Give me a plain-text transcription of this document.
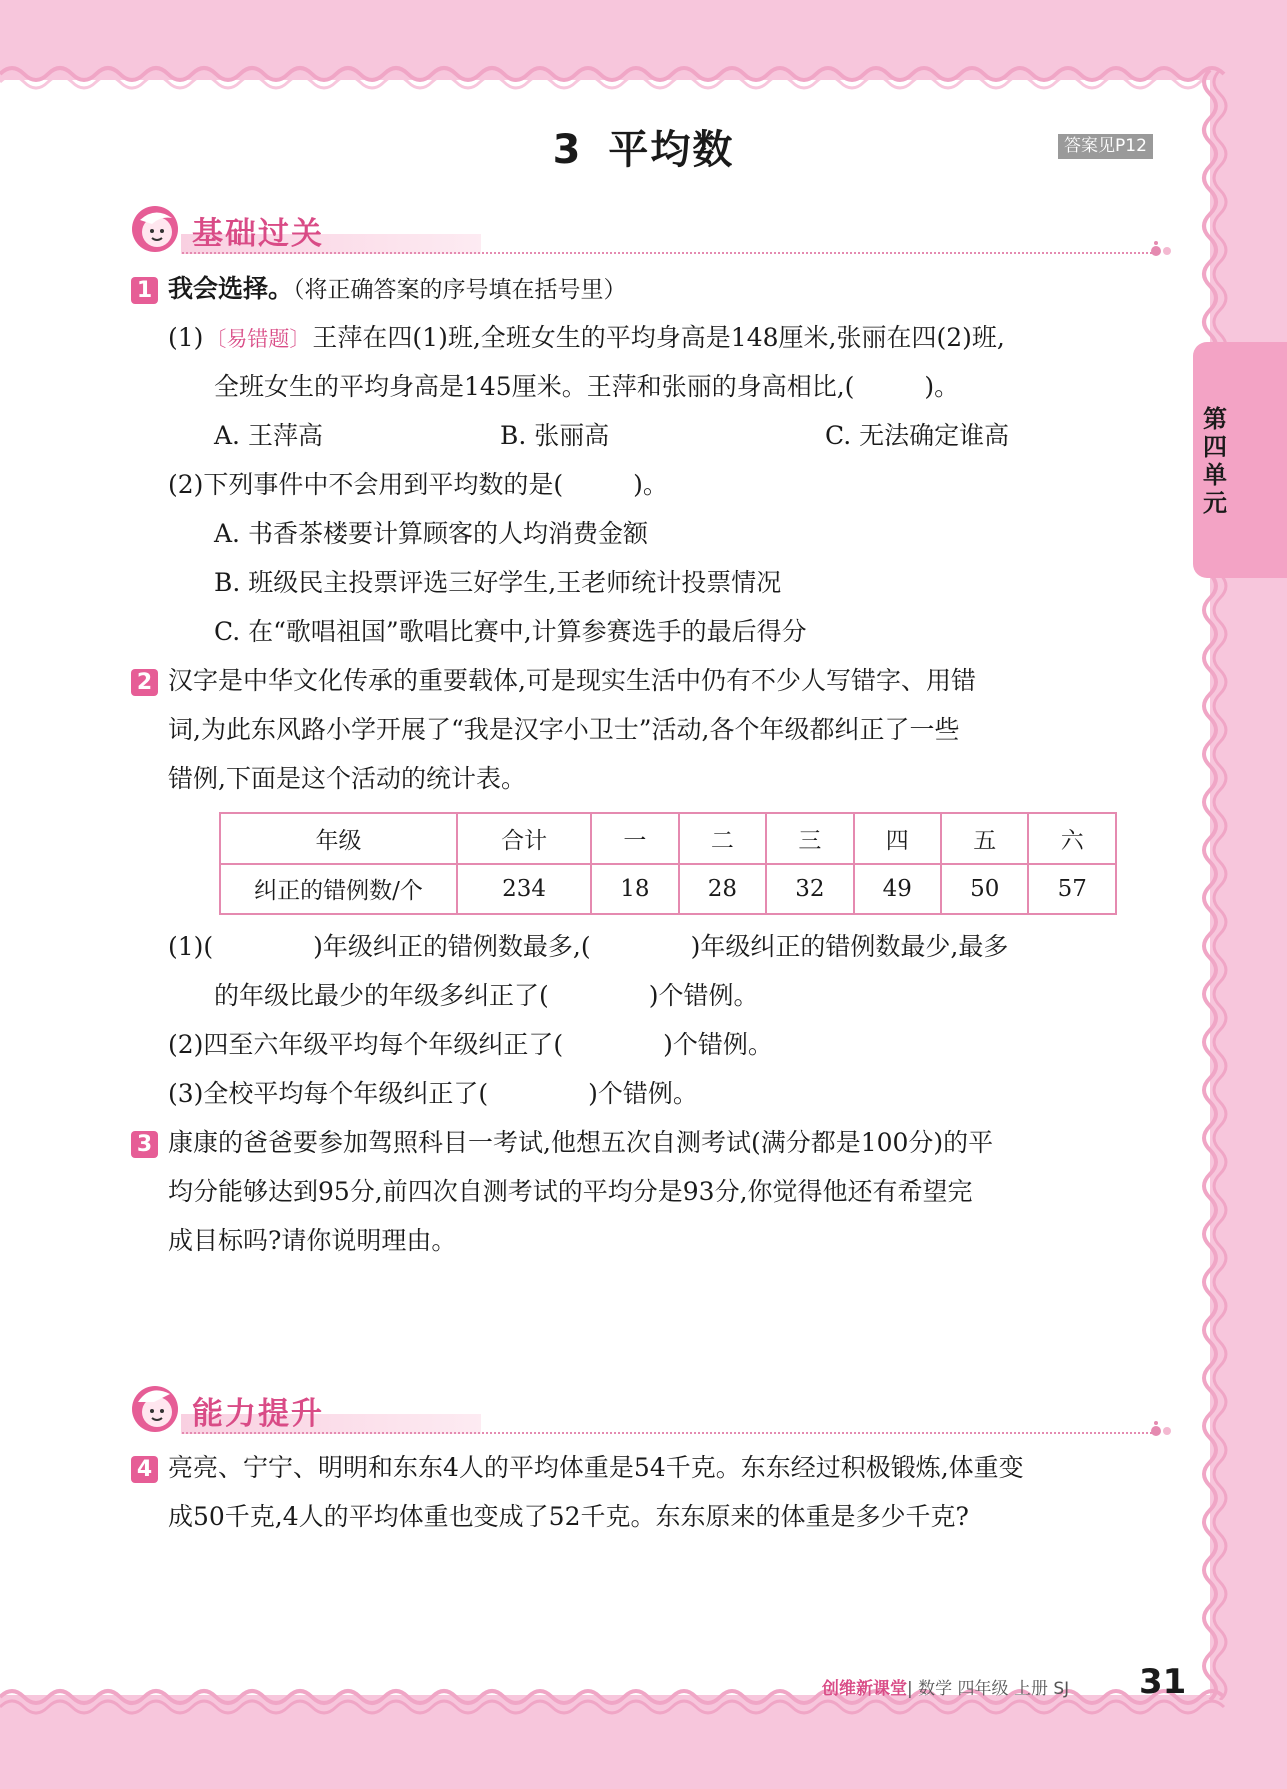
第四单元
3 平均数	答案见P12
基础过关
1 我会选择。（将正确答案的序号填在括号里）
(1)〔易错题〕王萍在四(1)班,全班女生的平均身高是148厘米,张丽在四(2)班,
全班女生的平均身高是145厘米。王萍和张丽的身高相比,(	)。
A. 王萍高	B. 张丽高	C. 无法确定谁高
(2)下列事件中不会用到平均数的是(	)。
A. 书香茶楼要计算顾客的人均消费金额
B. 班级民主投票评选三好学生,王老师统计投票情况
C. 在“歌唱祖国”歌唱比赛中,计算参赛选手的最后得分
2 汉字是中华文化传承的重要载体,可是现实生活中仍有不少人写错字、用错
词,为此东风路小学开展了“我是汉字小卫士”活动,各个年级都纠正了一些
错例,下面是这个活动的统计表。
年级	合计	一	二	三	四	五	六
纠正的错例数/个	234	18	28	32	49	50	57
(1)(	)年级纠正的错例数最多,(	)年级纠正的错例数最少,最多
的年级比最少的年级多纠正了(	)个错例。
(2)四至六年级平均每个年级纠正了(	)个错例。
(3)全校平均每个年级纠正了(	)个错例。
3 康康的爸爸要参加驾照科目一考试,他想五次自测考试(满分都是100分)的平
均分能够达到95分,前四次自测考试的平均分是93分,你觉得他还有希望完
成目标吗?请你说明理由。
能力提升
4 亮亮、宁宁、明明和东东4人的平均体重是54千克。东东经过积极锻炼,体重变
成50千克,4人的平均体重也变成了52千克。东东原来的体重是多少千克?
创维新课堂| 数学 四年级 上册 SJ 31
